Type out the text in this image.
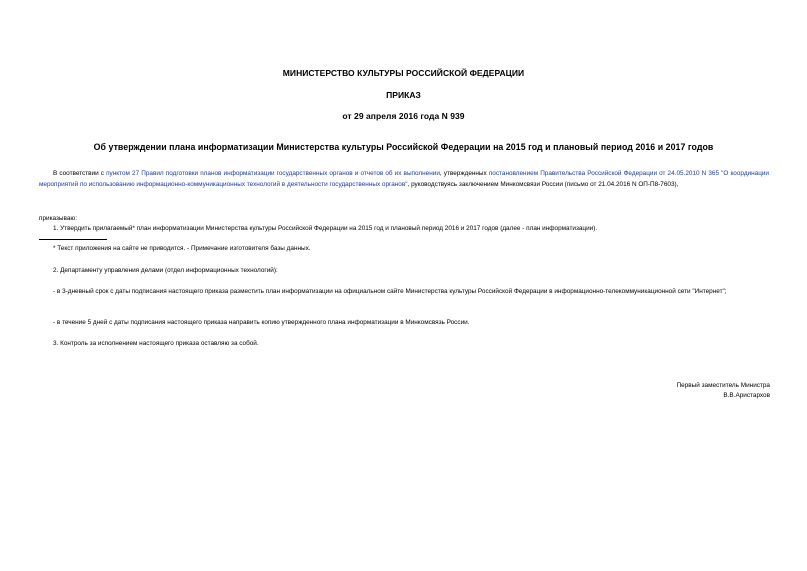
МИНИСТЕРСТВО КУЛЬТУРЫ РОССИЙСКОЙ ФЕДЕРАЦИИ
ПРИКАЗ
от 29 апреля 2016 года N 939
Об утверждении плана информатизации Министерства культуры Российской Федерации на 2015 год и плановый период 2016 и 2017 годов
В соответствии с пунктом 27 Правил подготовки планов информатизации государственных органов и отчетов об их выполнении, утвержденных постановлением Правительства Российской Федерации от 24.05.2010 N 365 "О координации мероприятий по использованию информационно-коммуникационных технологий в деятельности государственных органов", руководствуясь заключением Минкомсвязи России (письмо от 21.04.2016 N ОП-П8-7603),
приказываю:
1. Утвердить прилагаемый* план информатизации Министерства культуры Российской Федерации на 2015 год и плановый период 2016 и 2017 годов (далее - план информатизации).
* Текст приложения на сайте не приводится. - Примечание изготовителя базы данных.
2. Департаменту управления делами (отдел информационных технологий):
- в 3-дневный срок с даты подписания настоящего приказа разместить план информатизации на официальном сайте Министерства культуры Российской Федерации в информационно-телекоммуникационной сети "Интернет";
- в течение 5 дней с даты подписания настоящего приказа направить копию утвержденного плана информатизации в Минкомсвязь России.
3. Контроль за исполнением настоящего приказа оставляю за собой.
Первый заместитель Министра
В.В.Аристархов
